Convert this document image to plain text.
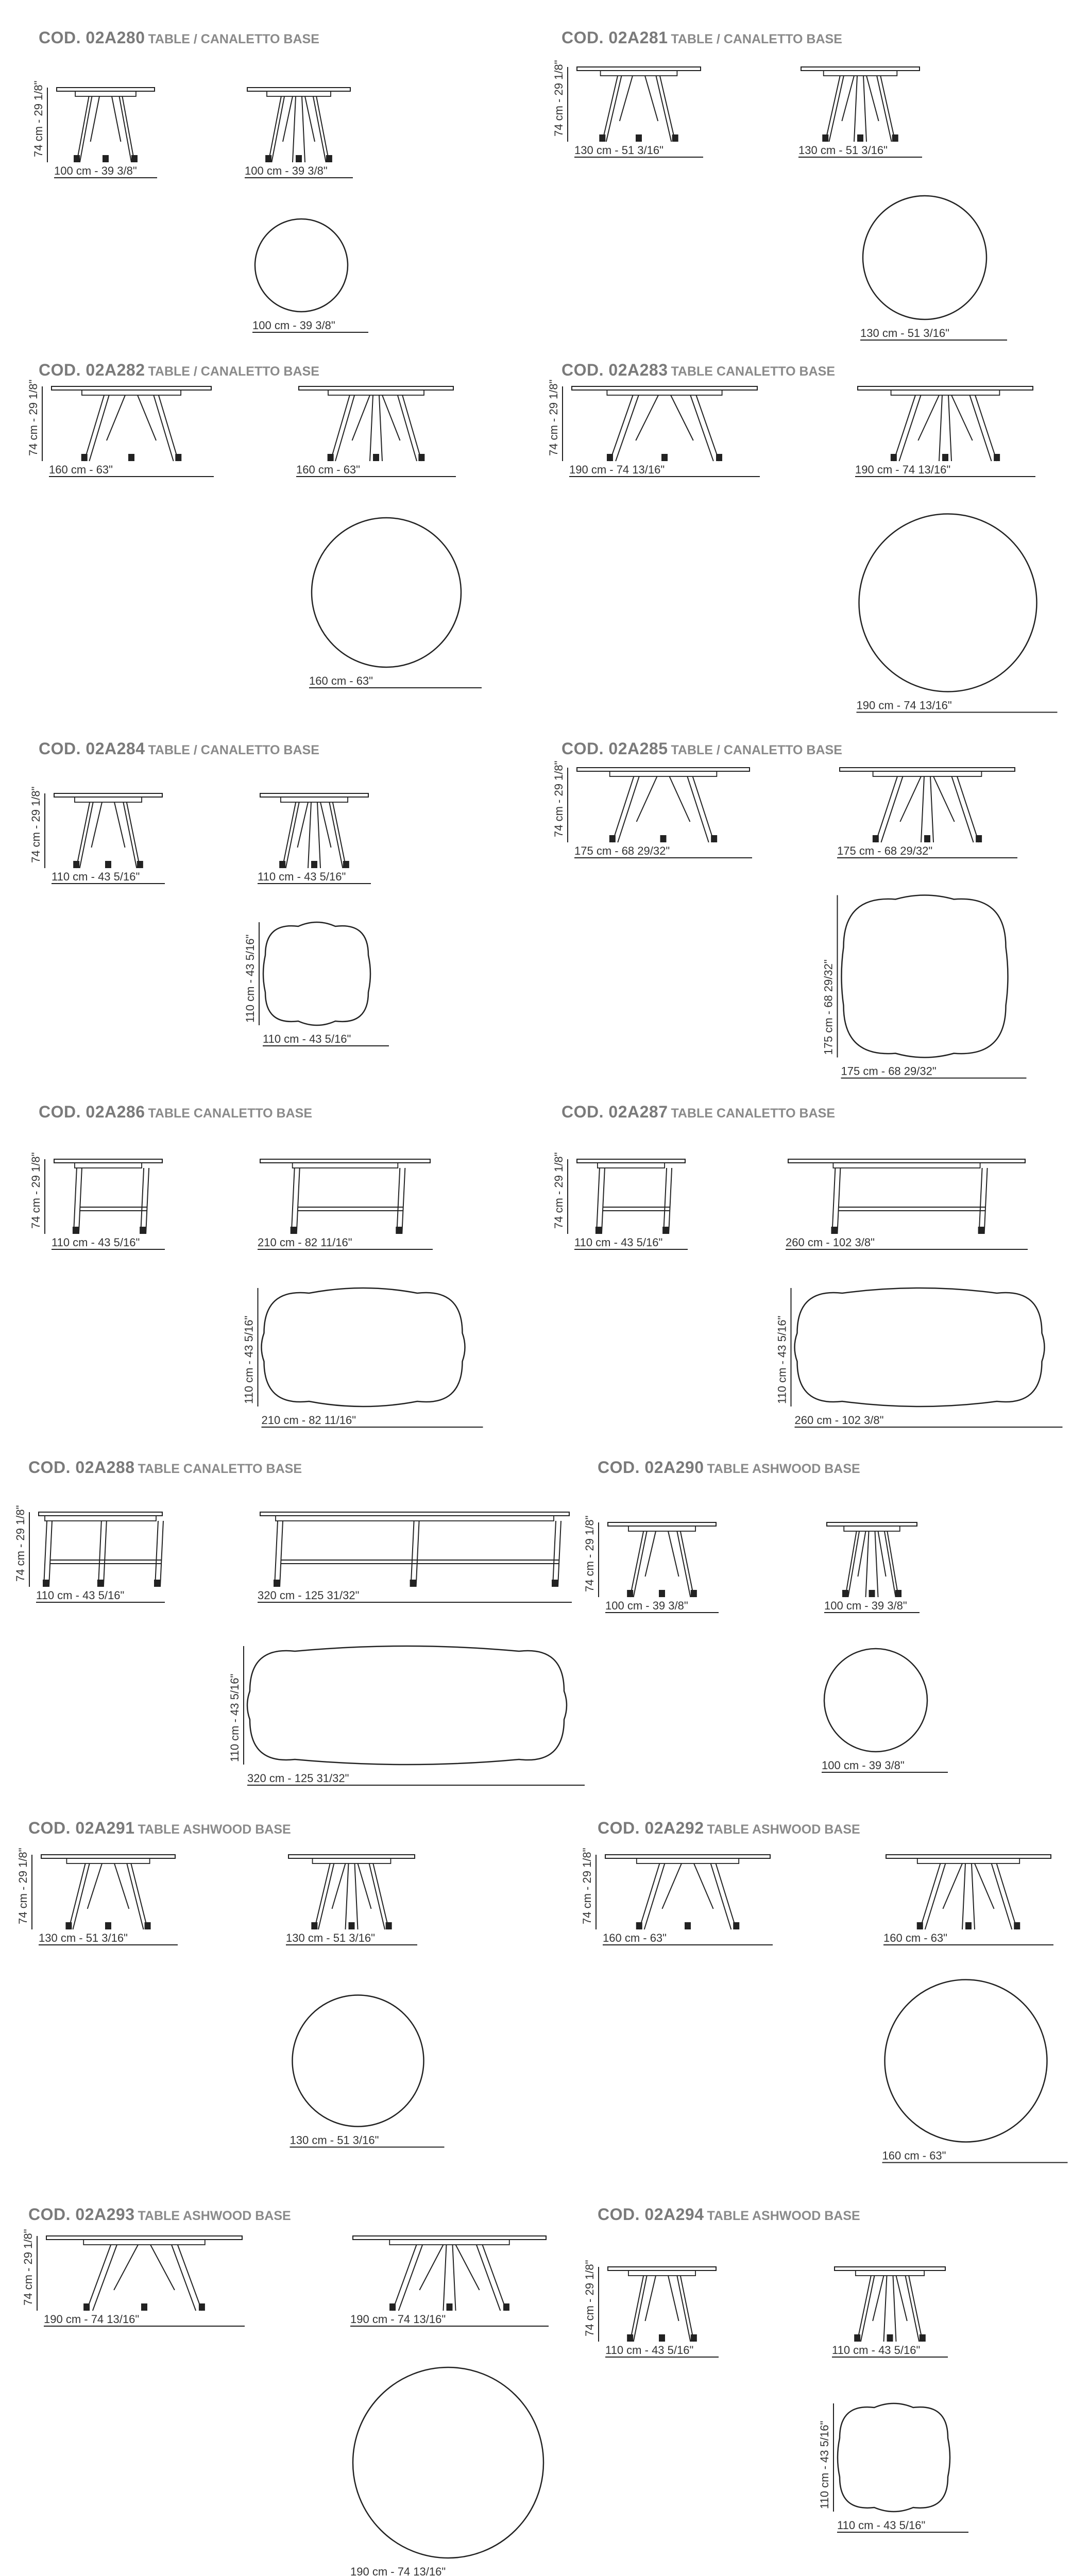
COD. 02A280 TABLE / CANALETTO BASE
74 cm - 29 1/8"
100 cm - 39 3/8"	100 cm - 39 3/8"
100 cm - 39 3/8"
COD. 02A281 TABLE / CANALETTO BASE
74 cm - 29 1/8"
130 cm - 51 3/16"	130 cm - 51 3/16"
130 cm - 51 3/16"
COD. 02A282 TABLE / CANALETTO BASE
74 cm - 29 1/8"
160 cm - 63"	160 cm - 63"
160 cm - 63"
COD. 02A283 TABLE CANALETTO BASE
74 cm - 29 1/8"
190 cm - 74 13/16"	190 cm - 74 13/16"
190 cm - 74 13/16"
COD. 02A284 TABLE / CANALETTO BASE
74 cm - 29 1/8"
110 cm - 43 5/16"	110 cm - 43 5/16"
110 cm - 43 5/16"
110 cm - 43 5/16"
COD. 02A285 TABLE / CANALETTO BASE
74 cm - 29 1/8"
175 cm - 68 29/32"	175 cm - 68 29/32"
175 cm - 68 29/32"
175 cm - 68 29/32"
COD. 02A286 TABLE CANALETTO BASE
74 cm - 29 1/8"
110 cm - 43 5/16"	210 cm - 82 11/16"
210 cm - 82 11/16"
110 cm - 43 5/16"
COD. 02A287 TABLE CANALETTO BASE
74 cm - 29 1/8"
110 cm - 43 5/16"	260 cm - 102 3/8"
260 cm - 102 3/8"
110 cm - 43 5/16"
COD. 02A288 TABLE CANALETTO BASE
74 cm - 29 1/8"
110 cm - 43 5/16"	320 cm - 125 31/32"
320 cm - 125 31/32"
110 cm - 43 5/16"
COD. 02A290 TABLE ASHWOOD BASE
74 cm - 29 1/8"
100 cm - 39 3/8"	100 cm - 39 3/8"
100 cm - 39 3/8"
COD. 02A291 TABLE ASHWOOD BASE
74 cm - 29 1/8"
130 cm - 51 3/16"	130 cm - 51 3/16"
130 cm - 51 3/16"
COD. 02A292 TABLE ASHWOOD BASE
74 cm - 29 1/8"
160 cm - 63"	160 cm - 63"
160 cm - 63"
COD. 02A293 TABLE ASHWOOD BASE
74 cm - 29 1/8"
190 cm - 74 13/16"	190 cm - 74 13/16"
190 cm - 74 13/16"
COD. 02A294 TABLE ASHWOOD BASE
74 cm - 29 1/8"
110 cm - 43 5/16"	110 cm - 43 5/16"
110 cm - 43 5/16"
110 cm - 43 5/16"
